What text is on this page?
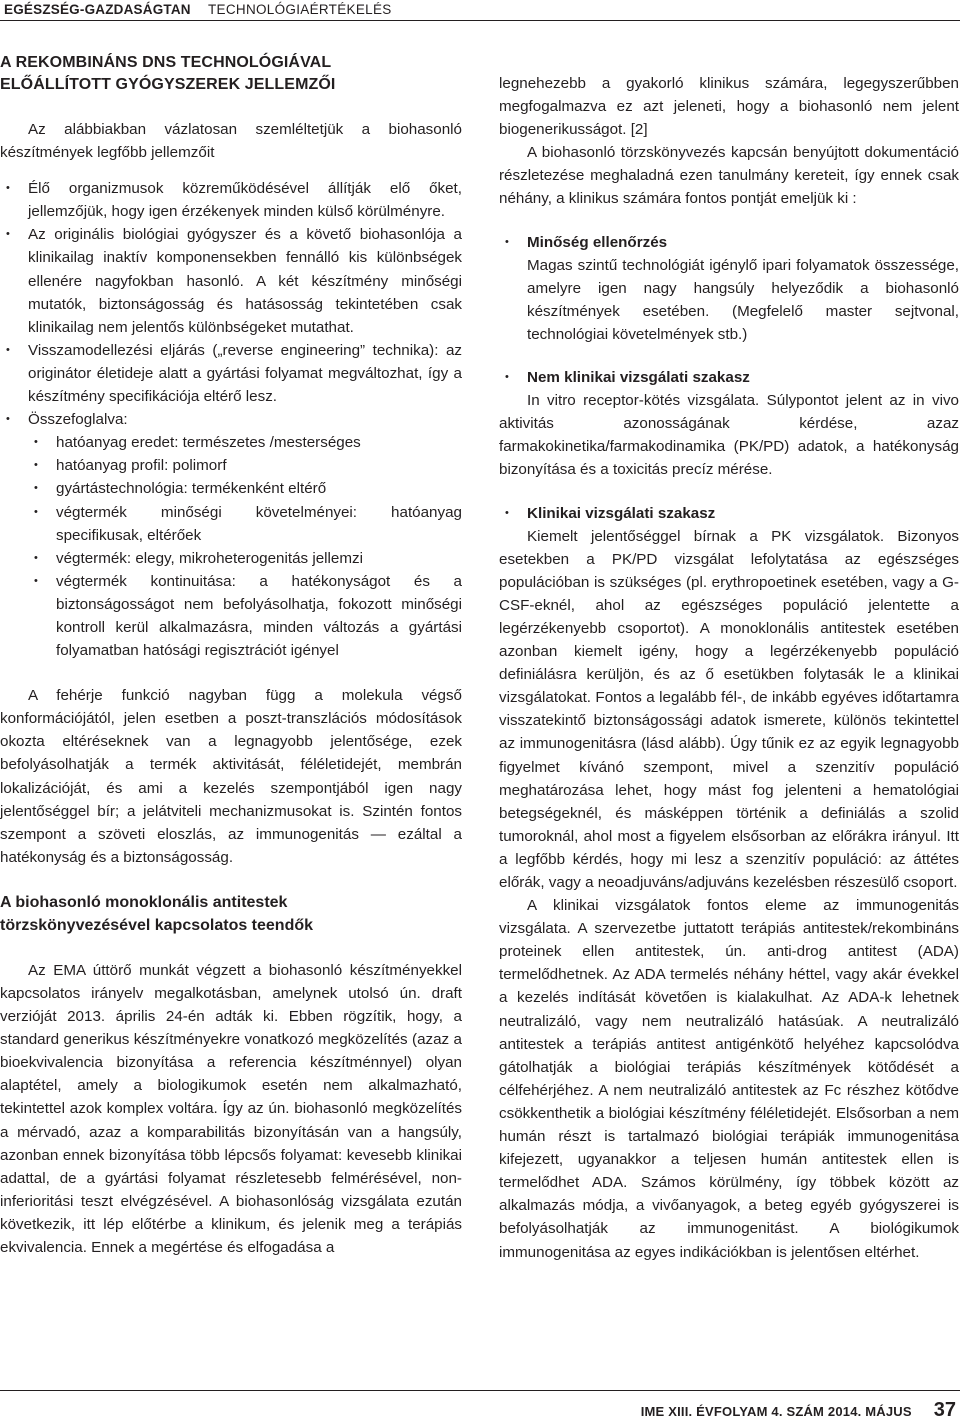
EGÉSZSÉG-GAZDASÁGTAN TECHNOLÓGIAÉRTÉKELÉS
A REKOMBINÁNS DNS TECHNOLÓGIÁVAL
ELŐÁLLÍTOTT GYÓGYSZEREK JELLEMZŐI

Az alábbiakban vázlatosan szemléltetjük a biohasonló készítmények legfőbb jellemzőit

• Élő organizmusok közreműködésével állítják elő őket, jellemzőjük, hogy igen érzékenyek minden külső körülményre.
• Az originális biológiai gyógyszer és a követő biohasonlója a klinikailag inaktív komponensekben fennálló kis különbségek ellenére nagyfokban hasonló. A két készítmény minőségi mutatók, biztonságosság és hatásosság tekintetében csak klinikailag nem jelentős különbségeket mutathat.
• Visszamodellezési eljárás („reverse engineering” technika): az originátor életideje alatt a gyártási folyamat megváltozhat, így a készítmény specifikációja eltérő lesz.
• Összefoglalva:
• hatóanyag eredet: természetes /mesterséges
• hatóanyag profil: polimorf
• gyártástechnológia: termékenként eltérő
• végtermék minőségi követelményei: hatóanyag specifikusak, eltérőek
• végtermék: elegy, mikroheterogenitás jellemzi
• végtermék kontinuitása: a hatékonyságot és a biztonságosságot nem befolyásolhatja, fokozott minőségi kontroll kerül alkalmazásra, minden változás a gyártási folyamatban hatósági regisztrációt igényel

A fehérje funkció nagyban függ a molekula végső konformációjától, jelen esetben a poszt-transzlációs módosítások okozta eltéréseknek van a legnagyobb jelentősége, ezek befolyásolhatják a termék aktivitását, féléletidejét, membrán lokalizációját, és ami a kezelés szempontjából igen nagy jelentőséggel bír; a jelátviteli mechanizmusokat is. Szintén fontos szempont a szöveti eloszlás, az immunogenitás — ezáltal a hatékonyság és a biztonságosság.

A biohasonló monoklonális antitestek
törzskönyvezésével kapcsolatos teendők

Az EMA úttörő munkát végzett a biohasonló készítményekkel kapcsolatos irányelv megalkotásban, amelynek utolsó ún. draft verzióját 2013. április 24-én adták ki. Ebben rögzítik, hogy, a standard generikus készítményekre vonatkozó megközelítés (azaz a bioekvivalencia bizonyítása a referencia készítménnyel) olyan alaptétel, amely a biologikumok esetén nem alkalmazható, tekintettel azok komplex voltára. Így az ún. biohasonló megközelítés a mérvadó, azaz a komparabilitás bizonyításán van a hangsúly, azonban ennek bizonyítása több lépcsős folyamat: kevesebb klinikai adattal, de a gyártási folyamat részletesebb felmérésével, non-inferioritási teszt elvégzésével. A biohasonlóság vizsgálata ezután következik, itt lép előtérbe a klinikum, és jelenik meg a terápiás ekvivalencia. Ennek a megértése és elfogadása a

legnehezebb a gyakorló klinikus számára, legegyszerűbben megfogalmazva ez azt jeleneti, hogy a biohasonló nem jelent biogenerikusságot. [2]

A biohasonló törzskönyvezés kapcsán benyújtott dokumentáció részletezése meghaladná ezen tanulmány kereteit, így ennek csak néhány, a klinikus számára fontos pontját emeljük ki :

• Minőség ellenőrzés

Magas szintű technológiát igénylő ipari folyamatok összessége, amelyre igen nagy hangsúly helyeződik a biohasonló készítmények esetében. (Megfelelő master sejtvonal, technológiai követelmények stb.)

• Nem klinikai vizsgálati szakasz

In vitro receptor-kötés vizsgálata. Súlypontot jelent az in vivo aktivitás azonosságának kérdése, azaz farmakokinetika/farmakodinamika (PK/PD) adatok, a hatékonyság bizonyítása és a toxicitás precíz mérése.

• Klinikai vizsgálati szakasz

Kiemelt jelentőséggel bírnak a PK vizsgálatok. Bizonyos esetekben a PK/PD vizsgálat lefolytatása az egészséges populációban is szükséges (pl. erythropoetinek esetében, vagy a G-CSF-eknél, ahol az egészséges populáció jelentette a legérzékenyebb csoportot). A monoklonális antitestek esetében azonban kiemelt igény, hogy a legérzékenyebb populáció definiálásra kerüljön, és az ő esetükben folytasák le a klinikai vizsgálatokat. Fontos a legalább fél-, de inkább egyéves időtartamra visszatekintő biztonságossági adatok ismerete, különös tekintettel az immunogenitásra (lásd alább). Úgy tűnik ez az egyik legnagyobb figyelmet kívánó szempont, mivel a szenzitív populáció meghatározása lehet, hogy mást fog jelenteni a hematológiai betegségeknél, és másképpen történik a definiálás a szolid tumoroknál, ahol most a figyelem elsősorban az előrákra irányul. Itt a legfőbb kérdés, hogy mi lesz a szenzitív populáció: az áttétes előrák, vagy a neoadjuváns/adjuváns kezelésben részesülő csoport.

A klinikai vizsgálatok fontos eleme az immunogenitás vizsgálata. A szervezetbe juttatott terápiás antitestek/rekombináns proteinek ellen antitestek, ún. anti-drog antitest (ADA) termelődhetnek. Az ADA termelés néhány héttel, vagy akár évekkel a kezelés indítását követően is kialakulhat. Az ADA-k lehetnek neutralizáló, vagy nem neutralizáló hatásúak. A neutralizáló antitestek a terápiás antitest antigénkötő helyéhez kapcsolódva gátolhatják a biológiai terápiás készítmények kötődését a célfehérjéhez. A nem neutralizáló antitestek az Fc részhez kötődve csökkenthetik a biológiai készítmény féléletidejét. Elsősorban a nem humán részt is tartalmazó biológiai terápiák immunogenitása kifejezett, ugyanakkor a teljesen humán antitestek ellen is termelődhet ADA. Számos körülmény, így többek között az alkalmazás módja, a vivőanyagok, a beteg egyéb gyógyszerei is befolyásolhatják az immunogenitást. A biológikumok immunogenitása az egyes indikációkban is jelentősen eltérhet.

IME XIII. ÉVFOLYAM 4. SZÁM 2014. MÁJUS 37
